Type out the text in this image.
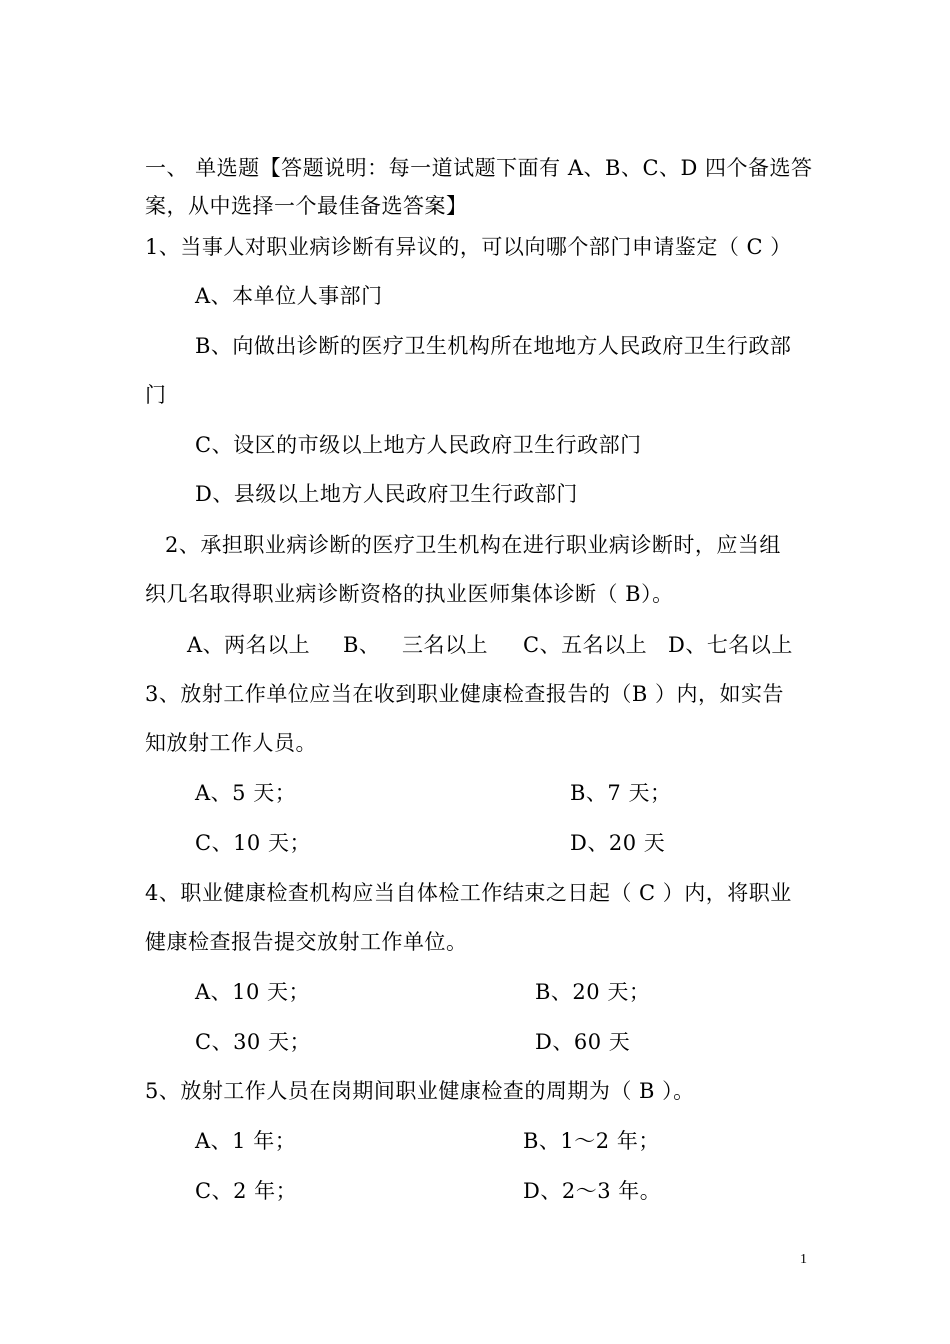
一、 单选题【答题说明：每一道试题下面有 A、B、C、D 四个备选答
案，从中选择一个最佳备选答案】
1、当事人对职业病诊断有异议的，可以向哪个部门申请鉴定（ C ）
A、本单位人事部门
B、向做出诊断的医疗卫生机构所在地地方人民政府卫生行政部
门
C、设区的市级以上地方人民政府卫生行政部门
D、县级以上地方人民政府卫生行政部门
2、承担职业病诊断的医疗卫生机构在进行职业病诊断时，应当组
织几名取得职业病诊断资格的执业医师集体诊断（ B）。
A、两名以上 B、 三名以上 C、五名以上 D、七名以上
3、放射工作单位应当在收到职业健康检查报告的（B ）内，如实告
知放射工作人员。
A、5 天；	B、7 天；
C、10 天；	D、20 天
4、职业健康检查机构应当自体检工作结束之日起（ C ）内，将职业
健康检查报告提交放射工作单位。
A、10 天；	B、20 天；
C、30 天；	D、60 天
5、放射工作人员在岗期间职业健康检查的周期为（ B ）。
A、1 年；	B、1～2 年；
C、2 年；	D、2～3 年。
1
